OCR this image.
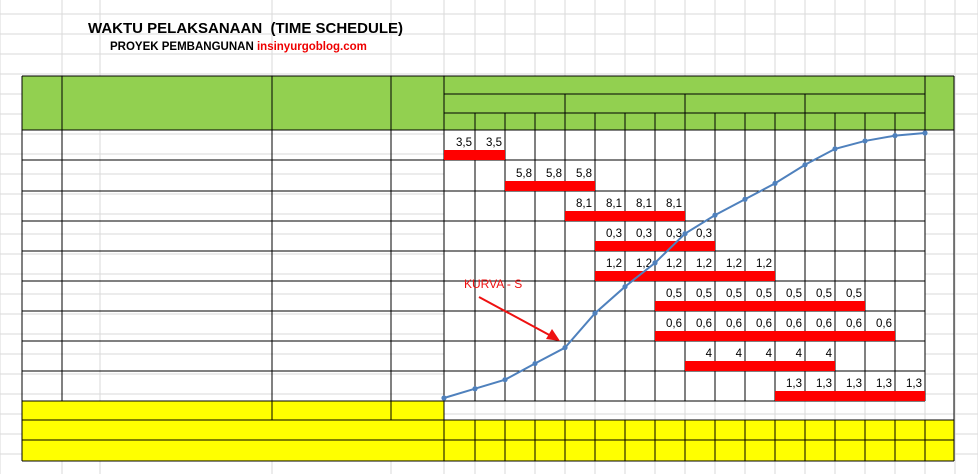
WAKTU PELAKSANAAN  (TIME SCHEDULE)
PROYEK PEMBANGUNAN insinyurgoblog.com
3,5 3,5
5,8 5,8 5,8
8,1 8,1 8,1 8,1
0,3 0,3 0,3 0,3
1,2 1,2 1,2 1,2 1,2 1,2
0,5 0,5 0,5 0,5 0,5 0,5 0,5
0,6 0,6 0,6 0,6 0,6 0,6 0,6 0,6
4 4 4 4 4
1,3 1,3 1,3 1,3 1,3
KURVA - S
